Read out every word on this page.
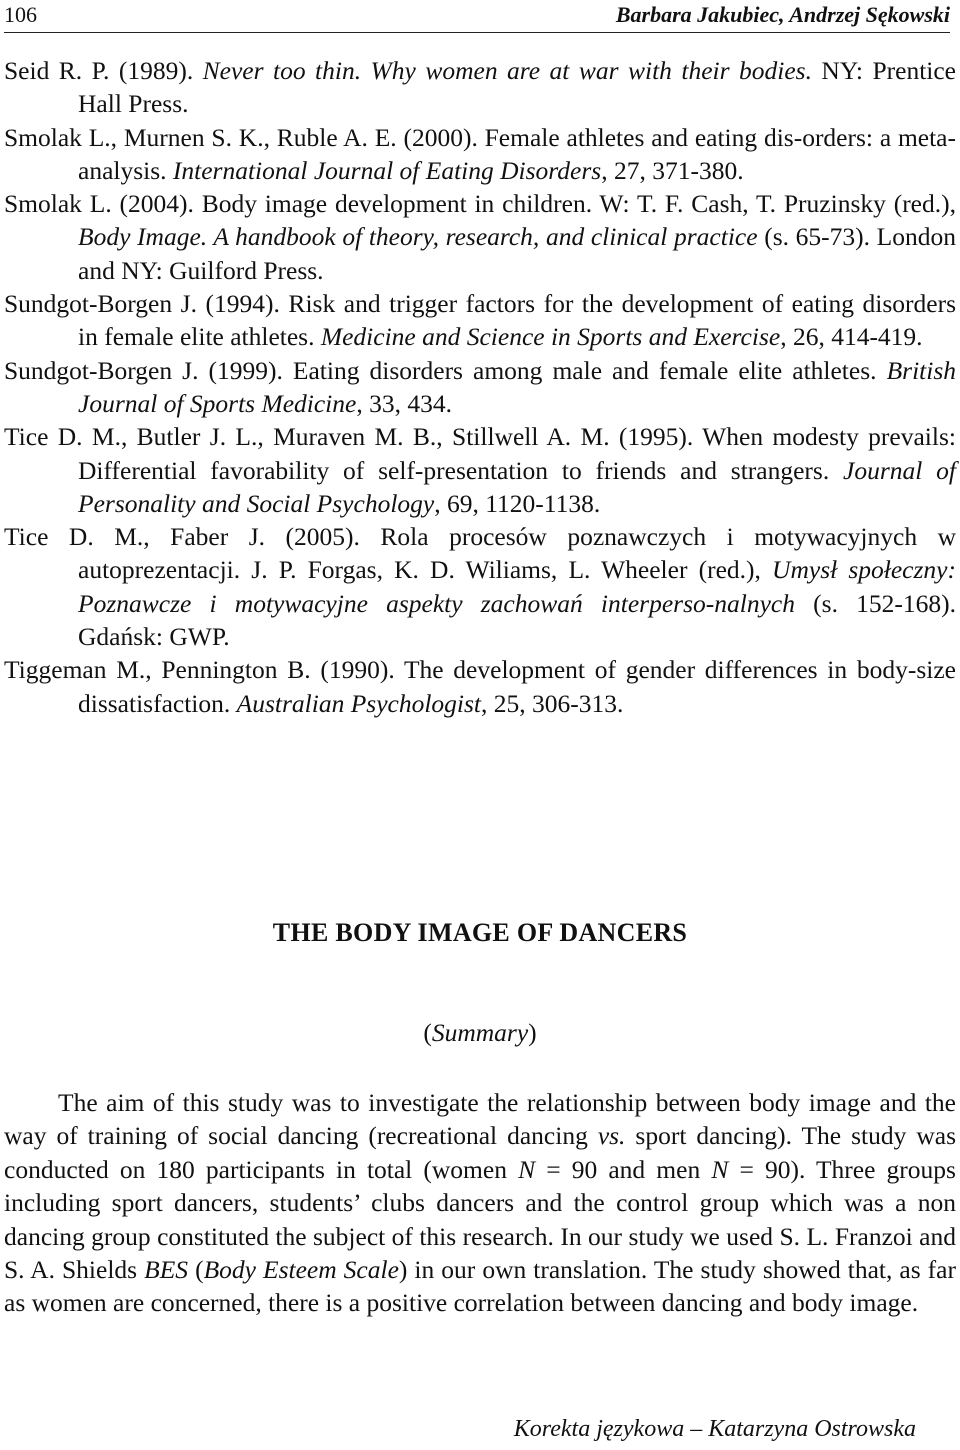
106	Barbara Jakubiec, Andrzej Sękowski

Seid R. P. (1989). Never too thin. Why women are at war with their bodies. NY: Prentice Hall Press.

Smolak L., Murnen S. K., Ruble A. E. (2000). Female athletes and eating dis-orders: a meta-analysis. International Journal of Eating Disorders, 27, 371-380.

Smolak L. (2004). Body image development in children. W: T. F. Cash, T. Pruzinsky (red.), Body Image. A handbook of theory, research, and clinical practice (s. 65-73). London and NY: Guilford Press.

Sundgot-Borgen J. (1994). Risk and trigger factors for the development of eating disorders in female elite athletes. Medicine and Science in Sports and Exercise, 26, 414-419.

Sundgot-Borgen J. (1999). Eating disorders among male and female elite athletes. British Journal of Sports Medicine, 33, 434.

Tice D. M., Butler J. L., Muraven M. B., Stillwell A. M. (1995). When modesty prevails: Differential favorability of self-presentation to friends and strangers. Journal of Personality and Social Psychology, 69, 1120-1138.

Tice D. M., Faber J. (2005). Rola procesów poznawczych i motywacyjnych w autoprezentacji. J. P. Forgas, K. D. Wiliams, L. Wheeler (red.), Umysł społeczny: Poznawcze i motywacyjne aspekty zachowań interperso-nalnych (s. 152-168). Gdańsk: GWP.

Tiggeman M., Pennington B. (1990). The development of gender differences in body-size dissatisfaction. Australian Psychologist, 25, 306-313.

THE BODY IMAGE OF DANCERS
(Summary)

The aim of this study was to investigate the relationship between body image and the way of training of social dancing (recreational dancing vs. sport dancing). The study was conducted on 180 participants in total (women N = 90 and men N = 90). Three groups including sport dancers, students’ clubs dancers and the control group which was a non dancing group constituted the subject of this research. In our study we used S. L. Franzoi and S. A. Shields BES (Body Esteem Scale) in our own translation. The study showed that, as far as women are concerned, there is a positive correlation between dancing and body image.

Korekta językowa – Katarzyna Ostrowska
